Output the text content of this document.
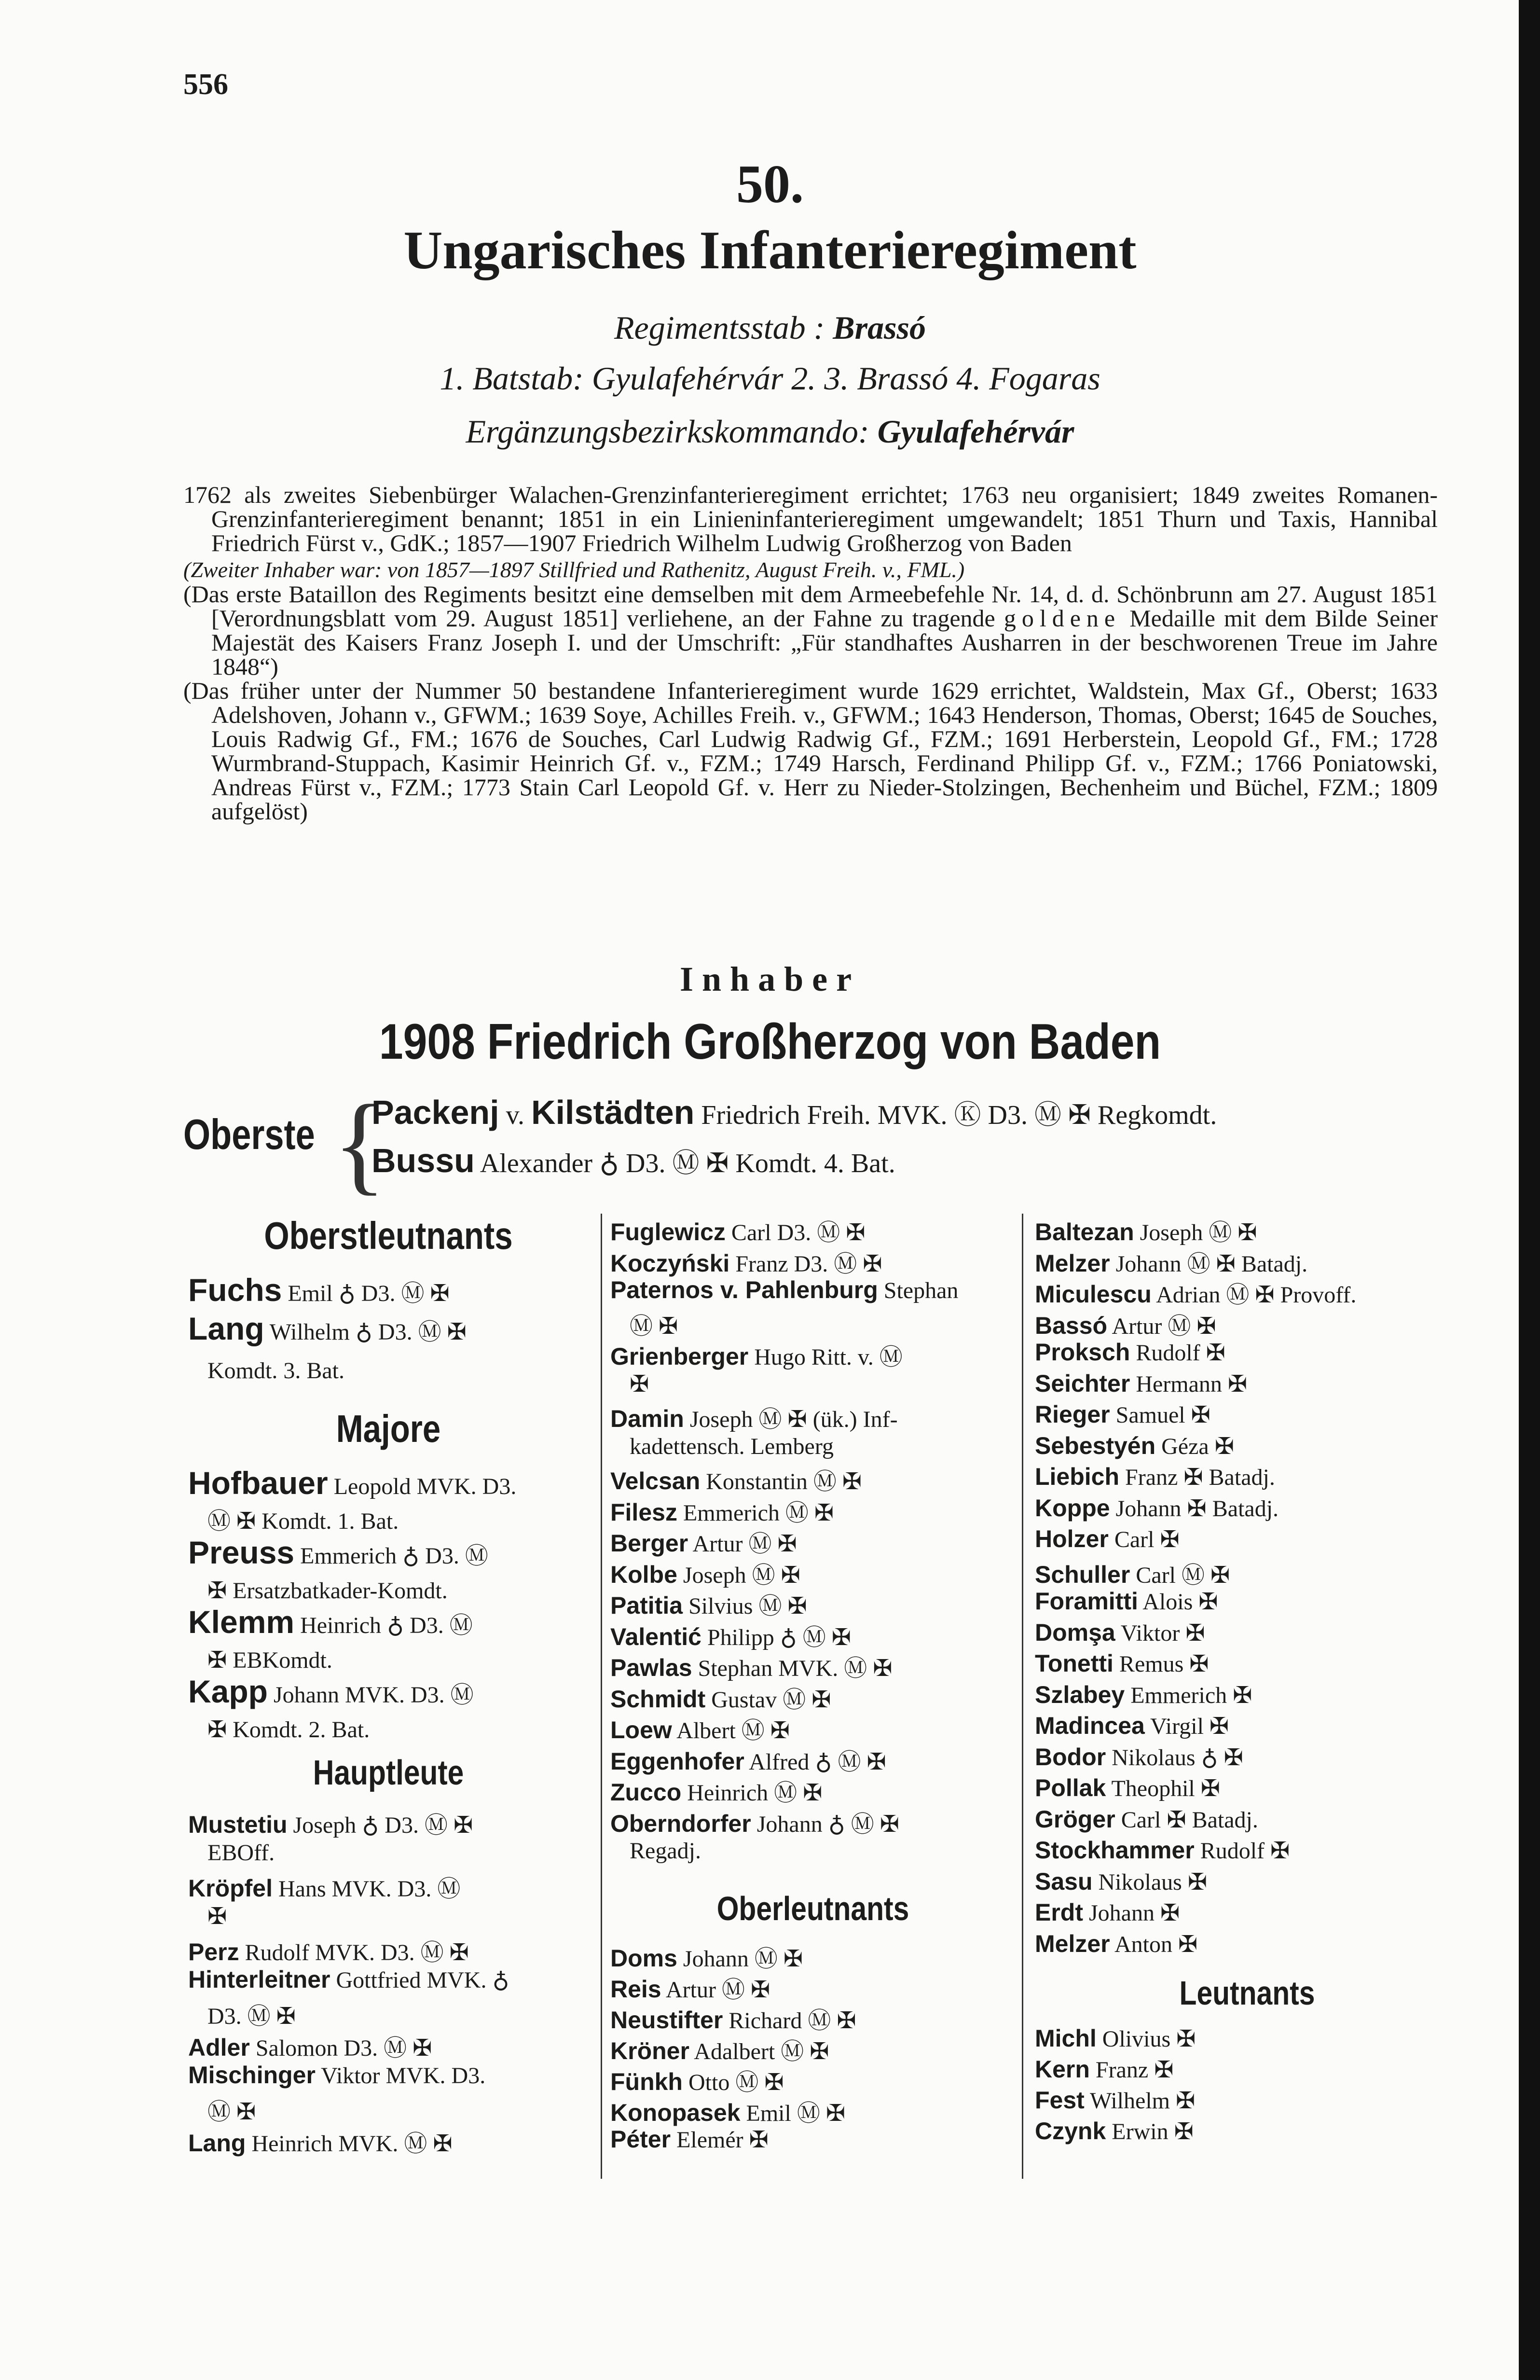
556
50.
Ungarisches Infanterieregiment
Regimentsstab : Brassó
1. Batstab: Gyulafehérvár 2. 3. Brassó 4. Fogaras
Ergänzungsbezirkskommando: Gyulafehérvár

1762 als zweites Siebenbürger Walachen-Grenzinfanterieregiment errichtet; 1763 neu organisiert; 1849 zweites Romanen-Grenzinfanterieregiment benannt; 1851 in ein Linieninfanterieregiment umgewandelt; 1851 Thurn und Taxis, Hannibal Friedrich Fürst v., GdK.; 1857—1907 Friedrich Wilhelm Ludwig Großherzog von Baden

(Zweiter Inhaber war: von 1857—1897 Stillfried und Rathenitz, August Freih. v., FML.)

(Das erste Bataillon des Regiments besitzt eine demselben mit dem Armeebefehle Nr. 14, d. d. Schönbrunn am 27. August 1851 [Verordnungsblatt vom 29. August 1851] verliehene, an der Fahne zu tragende goldene Medaille mit dem Bilde Seiner Majestät des Kaisers Franz Joseph I. und der Umschrift: „Für standhaftes Ausharren in der beschworenen Treue im Jahre 1848“)

(Das früher unter der Nummer 50 bestandene Infanterieregiment wurde 1629 errichtet, Waldstein, Max Gf., Oberst; 1633 Adelshoven, Johann v., GFWM.; 1639 Soye, Achilles Freih. v., GFWM.; 1643 Henderson, Thomas, Oberst; 1645 de Souches, Louis Radwig Gf., FM.; 1676 de Souches, Carl Ludwig Radwig Gf., FZM.; 1691 Herberstein, Leopold Gf., FM.; 1728 Wurmbrand-Stuppach, Kasimir Heinrich Gf. v., FZM.; 1749 Harsch, Ferdinand Philipp Gf. v., FZM.; 1766 Poniatowski, Andreas Fürst v., FZM.; 1773 Stain Carl Leopold Gf. v. Herr zu Nieder-Stolzingen, Bechenheim und Büchel, FZM.; 1809 aufgelöst)

Inhaber
1908 Friedrich Großherzog von Baden
Oberste {
Packenj v. Kilstädten Friedrich Freih. MVK. Ⓚ D3. Ⓜ ✠ Regkomdt.
Bussu Alexander ♁ D3. Ⓜ ✠ Komdt. 4. Bat.
Oberstleutnants
Fuchs Emil ♁ D3. Ⓜ ✠
Lang Wilhelm ♁ D3. Ⓜ ✠
Komdt. 3. Bat.
Majore
Hofbauer Leopold MVK. D3.
Ⓜ ✠ Komdt. 1. Bat.
Preuss Emmerich ♁ D3. Ⓜ
✠ Ersatzbatkader-Komdt.
Klemm Heinrich ♁ D3. Ⓜ
✠ EBKomdt.
Kapp Johann MVK. D3. Ⓜ
✠ Komdt. 2. Bat.
Hauptleute
Mustetiu Joseph ♁ D3. Ⓜ ✠
EBOff.
Kröpfel Hans MVK. D3. Ⓜ
✠
Perz Rudolf MVK. D3. Ⓜ ✠
Hinterleitner Gottfried MVK. ♁
D3. Ⓜ ✠
Adler Salomon D3. Ⓜ ✠
Mischinger Viktor MVK. D3.
Ⓜ ✠
Lang Heinrich MVK. Ⓜ ✠
Fuglewicz Carl D3. Ⓜ ✠
Koczyński Franz D3. Ⓜ ✠
Paternos v. Pahlenburg Stephan
Ⓜ ✠
Grienberger Hugo Ritt. v. Ⓜ
✠
Damin Joseph Ⓜ ✠ (ük.) Inf-
kadettensch. Lemberg
Velcsan Konstantin Ⓜ ✠
Filesz Emmerich Ⓜ ✠
Berger Artur Ⓜ ✠
Kolbe Joseph Ⓜ ✠
Patitia Silvius Ⓜ ✠
Valentić Philipp ♁ Ⓜ ✠
Pawlas Stephan MVK. Ⓜ ✠
Schmidt Gustav Ⓜ ✠
Loew Albert Ⓜ ✠
Eggenhofer Alfred ♁ Ⓜ ✠
Zucco Heinrich Ⓜ ✠
Oberndorfer Johann ♁ Ⓜ ✠
Regadj.
Oberleutnants
Doms Johann Ⓜ ✠
Reis Artur Ⓜ ✠
Neustifter Richard Ⓜ ✠
Kröner Adalbert Ⓜ ✠
Fünkh Otto Ⓜ ✠
Konopasek Emil Ⓜ ✠
Péter Elemér ✠
Baltezan Joseph Ⓜ ✠
Melzer Johann Ⓜ ✠ Batadj.
Miculescu Adrian Ⓜ ✠ Provoff.
Bassó Artur Ⓜ ✠
Proksch Rudolf ✠
Seichter Hermann ✠
Rieger Samuel ✠
Sebestyén Géza ✠
Liebich Franz ✠ Batadj.
Koppe Johann ✠ Batadj.
Holzer Carl ✠
Schuller Carl Ⓜ ✠
Foramitti Alois ✠
Domşa Viktor ✠
Tonetti Remus ✠
Szlabey Emmerich ✠
Madincea Virgil ✠
Bodor Nikolaus ♁ ✠
Pollak Theophil ✠
Gröger Carl ✠ Batadj.
Stockhammer Rudolf ✠
Sasu Nikolaus ✠
Erdt Johann ✠
Melzer Anton ✠
Leutnants
Michl Olivius ✠
Kern Franz ✠
Fest Wilhelm ✠
Czynk Erwin ✠
